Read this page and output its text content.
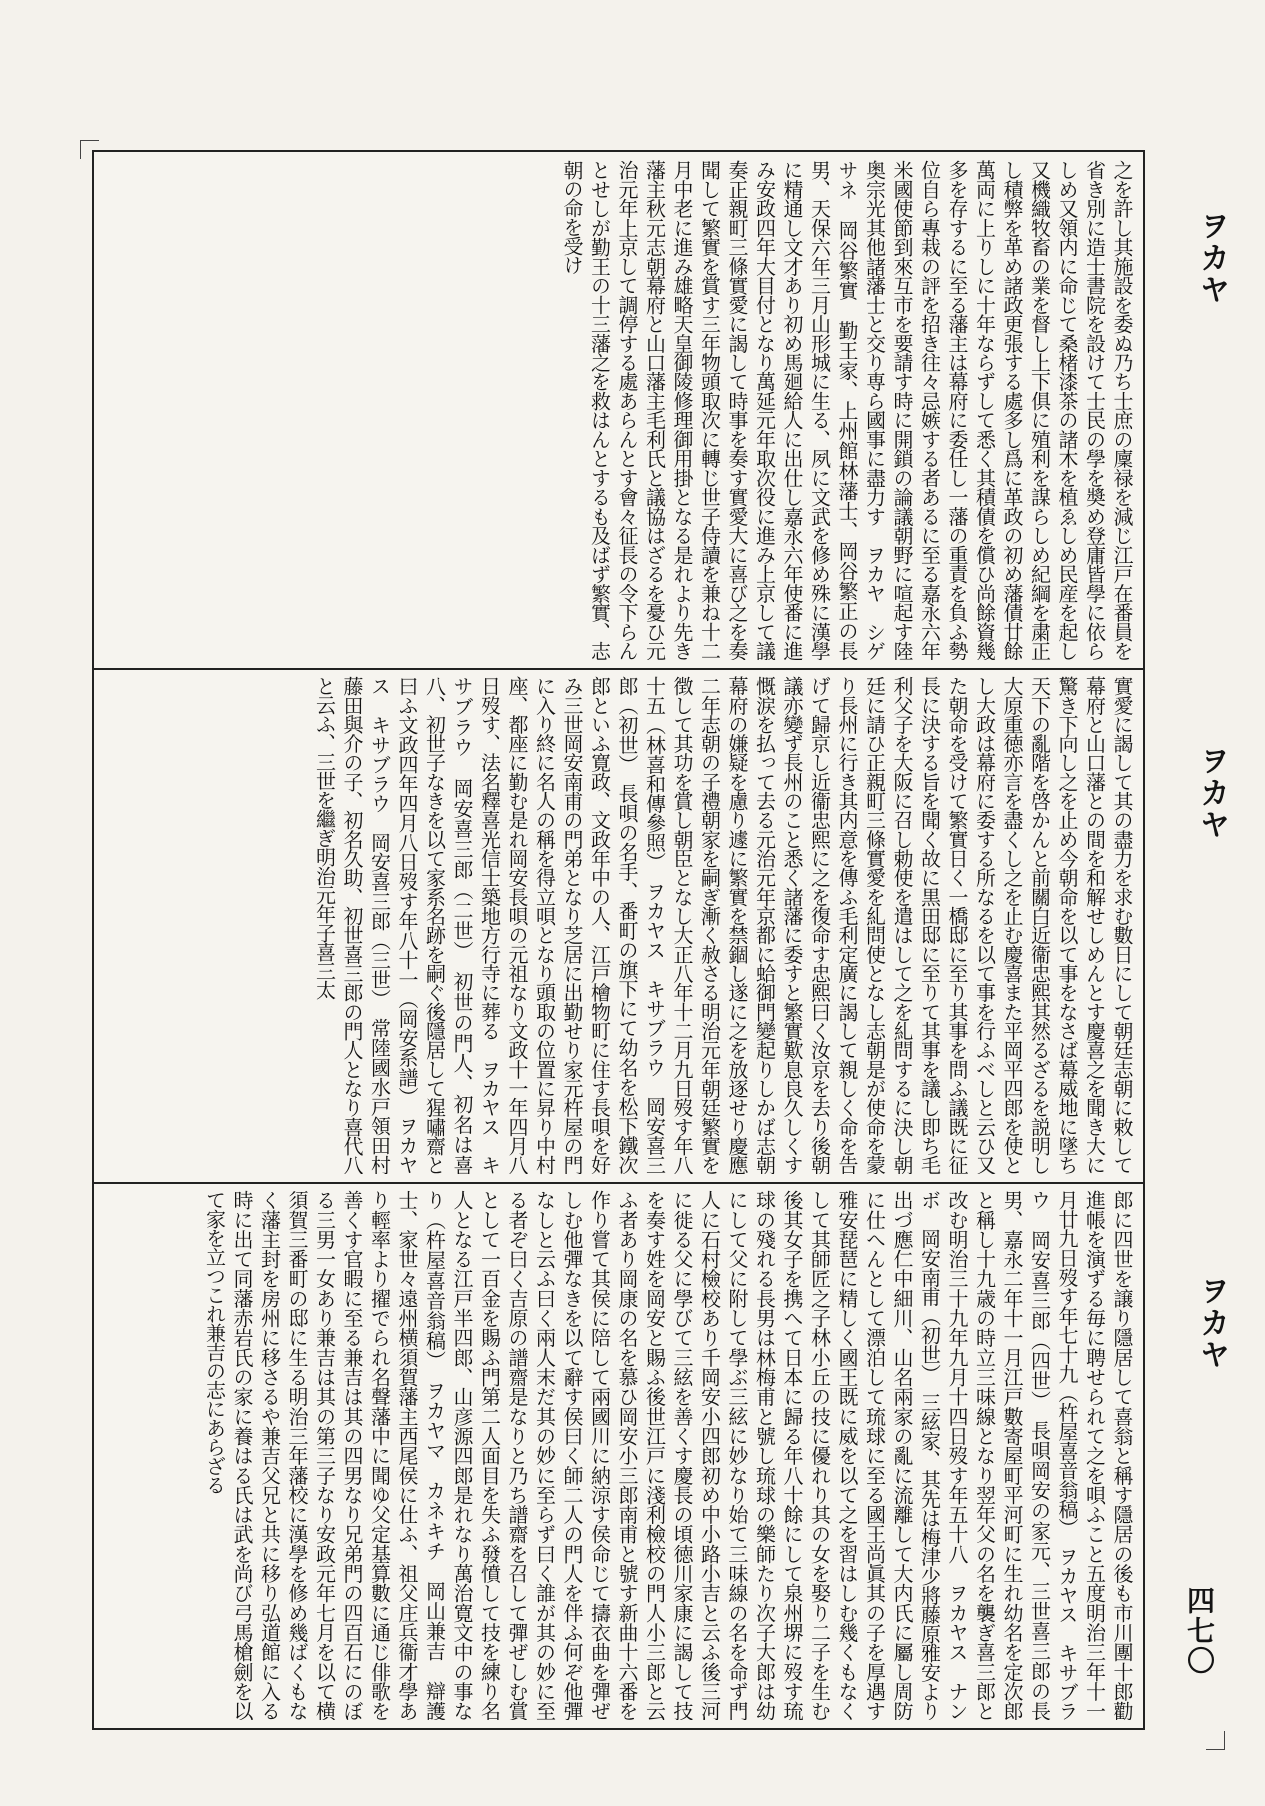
之を許し其施設を委ぬ乃ち士庶の廩禄を減じ江戸在番員を省き別に造士書院を設けて士民の學を奬め登庸皆學に依らしめ又領内に命じて桑楮漆茶の諸木を植ゑしめ民産を起し又機織牧畜の業を督し上下俱に殖利を謀らしめ紀綱を粛正し積弊を革め諸政更張する處多し爲に革政の初め藩債廿餘萬両に上りしに十年ならずして悉く其積債を償ひ尚餘資幾多を存するに至る藩主は幕府に委任し一藩の重責を負ふ勢位自ら專栽の評を招き往々忌嫉する者あるに至る嘉永六年米國使節到來互市を要請す時に開鎖の論議朝野に喧起す陸奥宗光其他諸藩士と交り専ら國事に盡力す　ヲカヤ　シゲサネ　岡谷繁實　勤王家、上州館林藩士、岡谷繁正の長男、天保六年三月山形城に生る、夙に文武を修め殊に漢學に精通し文才あり初め馬廻給人に出仕し嘉永六年使番に進み安政四年大目付となり萬延元年取次役に進み上京して議奏正親町三條實愛に謁して時事を奏す實愛大に喜び之を奏聞して繁實を賞す三年物頭取次に轉じ世子侍讀を兼ね十二月中老に進み雄略天皇御陵修理御用掛となる是れより先き藩主秋元志朝幕府と山口藩主毛利氏と議協はざるを憂ひ元治元年上京して調停する處あらんとす會々征長の令下らんとせしが勤王の十三藩之を救はんとするも及ばず繁實、志朝の命を受け
實愛に謁して其の盡力を求む數日にして朝廷志朝に敕して幕府と山口藩との間を和解せしめんとす慶喜之を聞き大に驚き下向し之を止め今朝命を以て事をなさば幕威地に墜ち天下の亂階を啓かんと前關白近衞忠熙其然るざるを説明し大原重徳亦言を盡くし之を止む慶喜また平岡平四郎を使とし大政は幕府に委する所なるを以て事を行ふべしと云ひ又た朝命を受けて繁實日く一橋邸に至り其事を問ふ議既に征長に決する旨を聞く故に黒田邸に至りて其事を議し即ち毛利父子を大阪に召し勅使を遣はして之を糺問するに決し朝廷に請ひ正親町三條實愛を糺問使となし志朝是が使命を蒙り長州に行き其内意を傳ふ毛利定廣に謁して親しく命を告げて歸京し近衞忠熙に之を復命す忠熙曰く汝京を去り後朝議亦變ず長州のこと悉く諸藩に委すと繁實歎息良久しくす慨涙を払って去る元治元年京都に蛤御門變起りしかば志朝幕府の嫌疑を慮り遽に繁實を禁錮し遂に之を放逐せり慶應二年志朝の子禮朝家を嗣ぎ漸く赦さる明治元年朝廷繁實を徴して其功を賞し朝臣となし大正八年十二月九日歿す年八十五（林喜和傳參照）　ヲカヤス　キサブラウ　岡安喜三郎（初世）　長唄の名手、番町の旗下にて幼名を松下鐵次郎といふ寛政、文政年中の人、江戸檜物町に住す長唄を好み三世岡安南甫の門弟となり芝居に出勤せり家元杵屋の門に入り終に名人の稱を得立唄となり頭取の位置に昇り中村座、都座に勤む是れ岡安長唄の元祖なり文政十一年四月八日歿す、法名釋喜光信士築地方行寺に葬る　ヲカヤス　キサブラウ　岡安喜三郎（二世）　初世の門人、初名は喜八、初世子なきを以て家系名跡を嗣ぐ後隱居して猩嘯齋と曰ふ文政四年四月八日歿す年八十一（岡安系譜）　ヲカヤス　キサブラウ　岡安喜三郎（三世）　常陸國水戸領田村藤田與介の子、初名久助、初世喜三郎の門人となり喜代八と云ふ、三世を繼ぎ明治元年子喜三太
郎に四世を譲り隱居して喜翁と稱す隱居の後も市川團十郎勸進帳を演ずる毎に聘せられて之を唄ふこと五度明治三年十一月廿九日歿す年七十九（杵屋喜音翁稿）　ヲカヤス　キサブラウ　岡安喜三郎（四世）　長唄岡安の家元、三世喜三郎の長男、嘉永二年十一月江戸數寄屋町平河町に生れ幼名を定次郎と稱し十九歳の時立三味線となり翌年父の名を襲ぎ喜三郎と改む明治三十九年九月十四日歿す年五十八　ヲカヤス　ナンボ　岡安南甫（初世）　三絃家、其先は梅津少將藤原雅安より出づ應仁中細川、山名兩家の亂に流離して大内氏に屬し周防に仕へんとして漂泊して琉球に至る國王尚眞其の子を厚遇す雅安琵琶に精しく國王既に威を以て之を習はしむ幾くもなくして其師匠之子林小丘の技に優れり其の女を娶り二子を生む後其女子を携へて日本に歸る年八十餘にして泉州堺に歿す琉球の殘れる長男は林梅甫と號し琉球の樂師たり次子大郎は幼にして父に附して學ぶ三絃に妙なり始て三味線の名を命ず門人に石村檢校あり千岡安小四郎初め中小路小吉と云ふ後三河に徙る父に學びて三絃を善くす慶長の頃徳川家康に謁して技を奏す姓を岡安と賜ふ後世江戸に淺利檢校の門人小三郎と云ふ者あり岡康の名を慕ひ岡安小三郎南甫と號す新曲十六番を作り嘗て其侯に陪して兩國川に納涼す侯命じて擣衣曲を彈ぜしむ他彈なきを以て辭す侯曰く師二人の門人を伴ふ何ぞ他彈なしと云ふ曰く兩人末だ其の妙に至らず曰く誰が其の妙に至る者ぞ曰く吉原の譜齋是なりと乃ち譜齋を召して彈ぜしむ賞として一百金を賜ふ門第二人面目を失ふ發憤して技を練り名人となる江戸半四郎、山彦源四郎是れなり萬治寛文中の事なり（杵屋喜音翁稿）　ヲカヤマ　カネキチ　岡山兼吉　辯護士、家世々遠州横須賀藩主西尾侯に仕ふ、祖父庄兵衞才學あり輕率より擢でられ名聲藩中に聞ゆ父定基算數に通じ俳歌を善くす官暇に至る兼吉は其の四男なり兄弟門の四百石にのぼる三男一女あり兼吉は其の第三子なり安政元年七月を以て横須賀三番町の邸に生る明治三年藩校に漢學を修め幾ばくもなく藩主封を房州に移さるや兼吉父兄と共に移り弘道館に入る時に出て同藩赤岩氏の家に養はる氏は武を尚び弓馬槍劍を以て家を立つこれ兼吉の志にあらざる
ヲカヤ
ヲカヤ
ヲカヤ
四七〇
